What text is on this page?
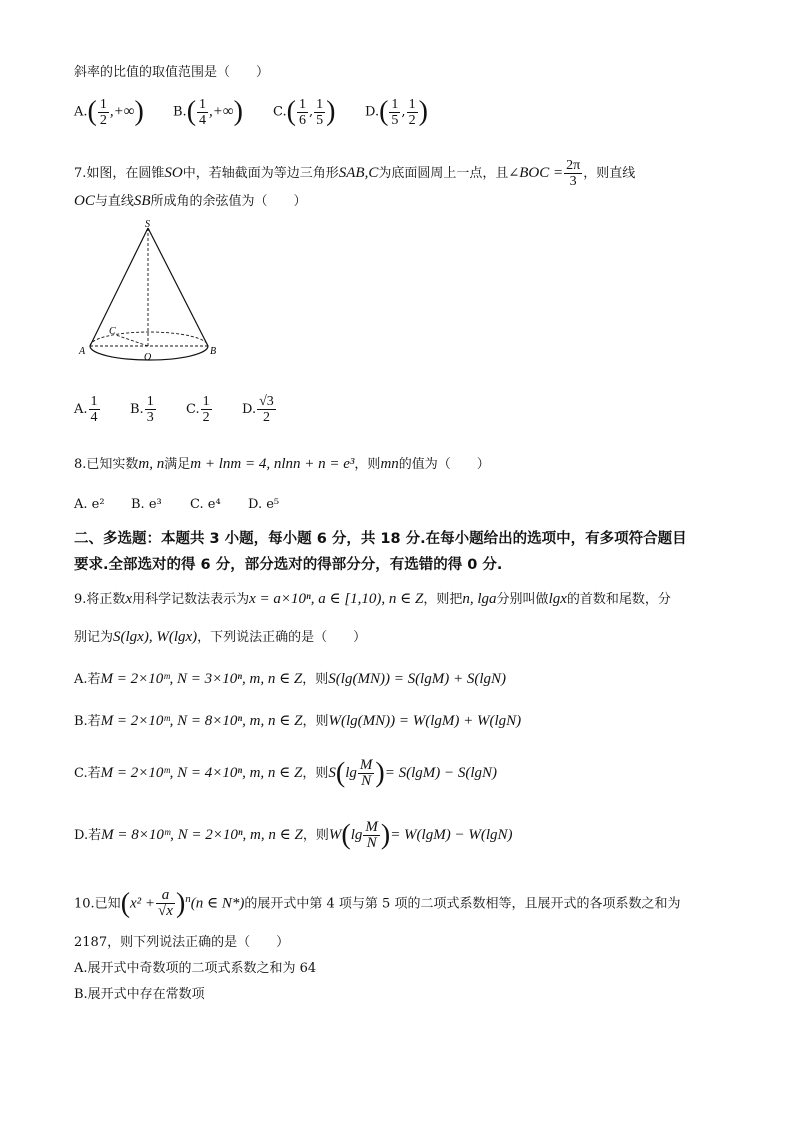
斜率的比值的取值范围是（　　）
$A.( \frac{1}{2}$ ,+∞) $B.( \frac{1}{4}$ ,+∞) $C.( \frac{1}{6}$ , $\frac{1}{5}$ ) $D.( \frac{1}{5}$ , $\frac{1}{2}$ )
7.如图，在圆锥SO中，若轴截面为等边三角形SAB,C为底面圆周上一点，且∠BOC = $\frac{2\pi}{3}$ ，则直线
OC与直线SB所成角的余弦值为（　　）
S
A	B
C
O
A. $\frac{1}{4} B$. $\frac{1}{3} C$. $\frac{1}{2} D$. $\frac{√3}{2}$
8.已知实数m, n满足m + lnm = 4, nlnn + n = e³，则mn的值为（　　）
A. e² B. e³ C. e⁴ D. e⁵
二、多选题：本题共 3 小题，每小题 6 分，共 18 分.在每小题给出的选项中，有多项符合题目
要求.全部选对的得 6 分，部分选对的得部分分，有选错的得 0 分.
9.将正数x用科学记数法表示为x = a×10ⁿ, a ∈ [1,10), n ∈ Z，则把n, lga分别叫做lgx的首数和尾数，分
别记为S(lgx), W(lgx)，下列说法正确的是（　　）
A.若M = 2×10ᵐ, N = 3×10ⁿ, m, n ∈ Z，则S(lg(MN)) = S(lgM) + S(lgN)
B.若M = 2×10ᵐ, N = 8×10ⁿ, m, n ∈ Z，则W(lg(MN)) = W(lgM) + W(lgN)
C.若M = 2×10ᵐ, N = 4×10ⁿ, m, n ∈ Z，则$S(\lg \frac{M}{N}$ )= S(lgM) − S(lgN)
D.若M = 8×10ᵐ, N = 2×10ⁿ, m, n ∈ Z，则$W(\lg \frac{M}{N}$ )= W(lgM) − W(lgN)
10.已知$(x^2 + \frac{a}{√x} )^n(n$ ∈ N*)的展开式中第 4 项与第 5 项的二项式系数相等，且展开式的各项系数之和为
2187，则下列说法正确的是（　　）
A.展开式中奇数项的二项式系数之和为 64
B.展开式中存在常数项
